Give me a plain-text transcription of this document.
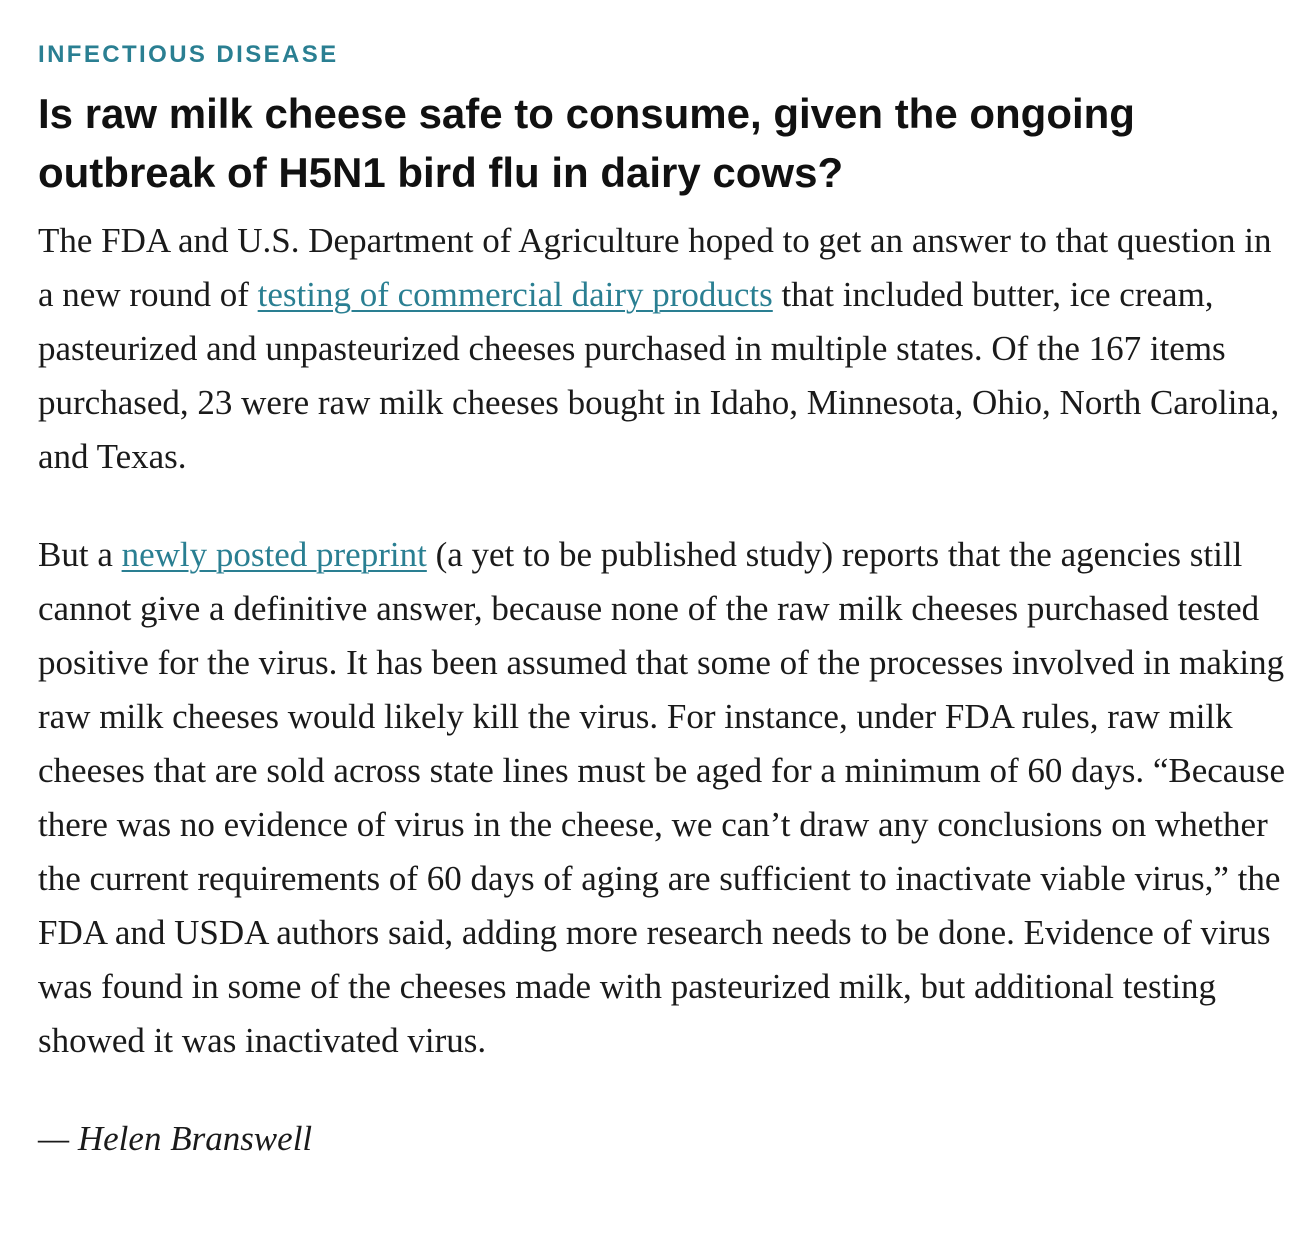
INFECTIOUS DISEASE
Is raw milk cheese safe to consume, given the ongoing outbreak of H5N1 bird flu in dairy cows?

The FDA and U.S. Department of Agriculture hoped to get an answer to that question in a new round of testing of commercial dairy products that included butter, ice cream, pasteurized and unpasteurized cheeses purchased in multiple states. Of the 167 items purchased, 23 were raw milk cheeses bought in Idaho, Minnesota, Ohio, North Carolina, and Texas.

But a newly posted preprint (a yet to be published study) reports that the agencies still cannot give a definitive answer, because none of the raw milk cheeses purchased tested positive for the virus. It has been assumed that some of the processes involved in making raw milk cheeses would likely kill the virus. For instance, under FDA rules, raw milk cheeses that are sold across state lines must be aged for a minimum of 60 days. “Because there was no evidence of virus in the cheese, we can’t draw any conclusions on whether the current requirements of 60 days of aging are sufficient to inactivate viable virus,” the FDA and USDA authors said, adding more research needs to be done. Evidence of virus was found in some of the cheeses made with pasteurized milk, but additional testing showed it was inactivated virus.

— Helen Branswell
